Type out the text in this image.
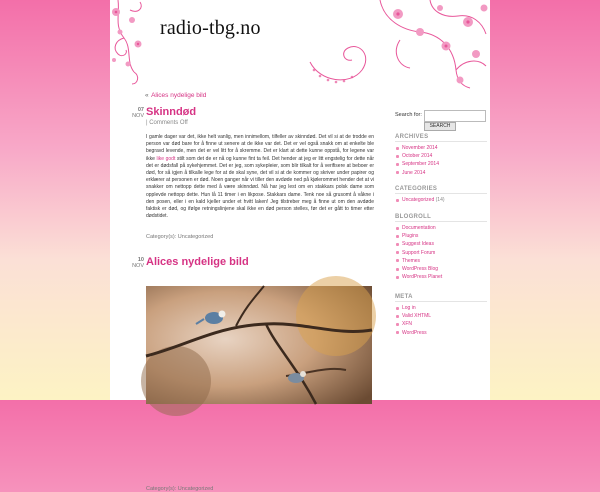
radio-tbg.no
« Alices nydelige bild
07
NOV Skinndød
| Comments Off
I gamle dager var det, ikke helt vanlig, men innimellom, tilfeller av skinndød. Det vil si at de trodde en person var død bare for å finne ut senere at de ikke var det. Det er vel også snakk om at enkelte ble begravd levende, men det er vel litt for å skremme. Det er klart at dette kunne oppstå, for legene var ikke like godt stilt som det de er nå og kunne fint ta feil. Det hender at jeg er litt engstelig for dette når det er dødsfall på sykehjemmet. Det er jeg, som sykepleier, som blir tilkalt for å verifisere at beboer er død, for så igjen å tilkalle lege for at de skal syne, det vil si at de kommer og skriver under papirer og erklærer at personen er død. Noen ganger når vi tiller den avdøde ned på kjølerommet hender det at vi snakker om nettopp dette med å være skinndød. Nå har jeg lest om en stakkars polsk dame som opplevde nettopp dette. Hun lå 11 timer i en likpose. Stakkars dame. Tenk noe så grusomt å våkne i den posen, eller i en kald kjeller under et hvitt laken! Jeg tilstreber meg å finne ut om den avdøde faktisk er død, og ifølge retningslinjene skal ikke en død person stelles, før det er gått to timer etter dødstidet.
Category(s): Uncategorized
10
NOV Alices nydelige bild
Category(s): Uncategorized
Search for:
SEARCH
ARCHIVES
November 2014
October 2014
September 2014
June 2014
CATEGORIES
Uncategorized (14)
BLOGROLL
Documentation
Plugins
Suggest Ideas
Support Forum
Themes
WordPress Blog
WordPress Planet
META
Log in
Valid XHTML
XFN
WordPress
